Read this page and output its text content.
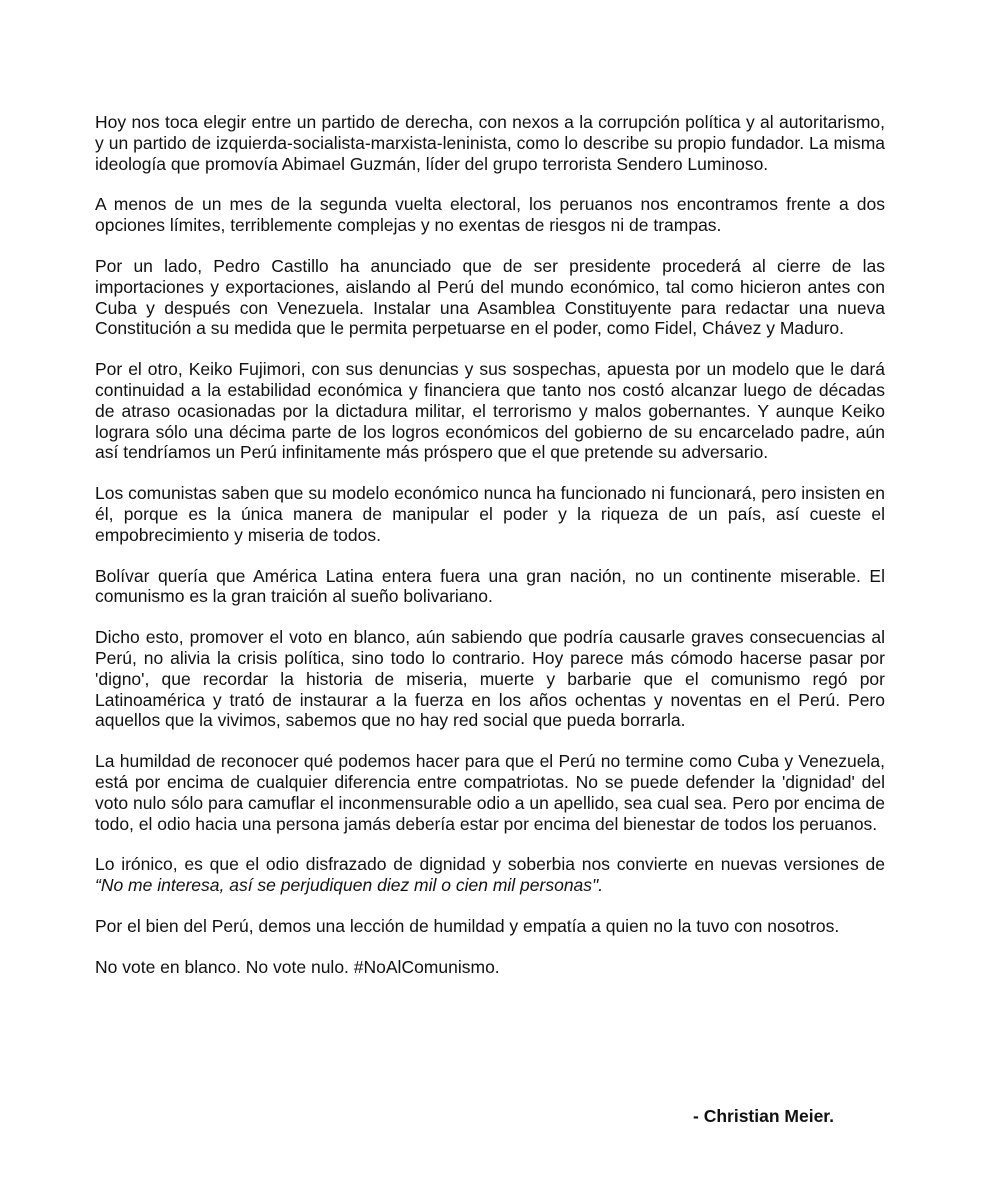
Hoy nos toca elegir entre un partido de derecha, con nexos a la corrupción política y al autoritarismo, y un partido de izquierda-socialista-marxista-leninista, como lo describe su propio fundador. La misma ideología que promovía Abimael Guzmán, líder del grupo terrorista Sendero Luminoso.

A menos de un mes de la segunda vuelta electoral, los peruanos nos encontramos frente a dos opciones límites, terriblemente complejas y no exentas de riesgos ni de trampas.

Por un lado, Pedro Castillo ha anunciado que de ser presidente procederá al cierre de las importaciones y exportaciones, aislando al Perú del mundo económico, tal como hicieron antes con Cuba y después con Venezuela. Instalar una Asamblea Constituyente para redactar una nueva Constitución a su medida que le permita perpetuarse en el poder, como Fidel, Chávez y Maduro.

Por el otro, Keiko Fujimori, con sus denuncias y sus sospechas, apuesta por un modelo que le dará continuidad a la estabilidad económica y financiera que tanto nos costó alcanzar luego de décadas de atraso ocasionadas por la dictadura militar, el terrorismo y malos gobernantes. Y aunque Keiko lograra sólo una décima parte de los logros económicos del gobierno de su encarcelado padre, aún así tendríamos un Perú infinitamente más próspero que el que pretende su adversario.

Los comunistas saben que su modelo económico nunca ha funcionado ni funcionará, pero insisten en él, porque es la única manera de manipular el poder y la riqueza de un país, así cueste el empobrecimiento y miseria de todos.

Bolívar quería que América Latina entera fuera una gran nación, no un continente miserable. El comunismo es la gran traición al sueño bolivariano.

Dicho esto, promover el voto en blanco, aún sabiendo que podría causarle graves consecuencias al Perú, no alivia la crisis política, sino todo lo contrario. Hoy parece más cómodo hacerse pasar por 'digno', que recordar la historia de miseria, muerte y barbarie que el comunismo regó por Latinoamérica y trató de instaurar a la fuerza en los años ochentas y noventas en el Perú. Pero aquellos que la vivimos, sabemos que no hay red social que pueda borrarla.

La humildad de reconocer qué podemos hacer para que el Perú no termine como Cuba y Venezuela, está por encima de cualquier diferencia entre compatriotas. No se puede defender la 'dignidad' del voto nulo sólo para camuflar el inconmensurable odio a un apellido, sea cual sea. Pero por encima de todo, el odio hacia una persona jamás debería estar por encima del bienestar de todos los peruanos.

Lo irónico, es que el odio disfrazado de dignidad y soberbia nos convierte en nuevas versiones de “No me interesa, así se perjudiquen diez mil o cien mil personas".

Por el bien del Perú, demos una lección de humildad y empatía a quien no la tuvo con nosotros.

No vote en blanco. No vote nulo. #NoAlComunismo.

- Christian Meier.
